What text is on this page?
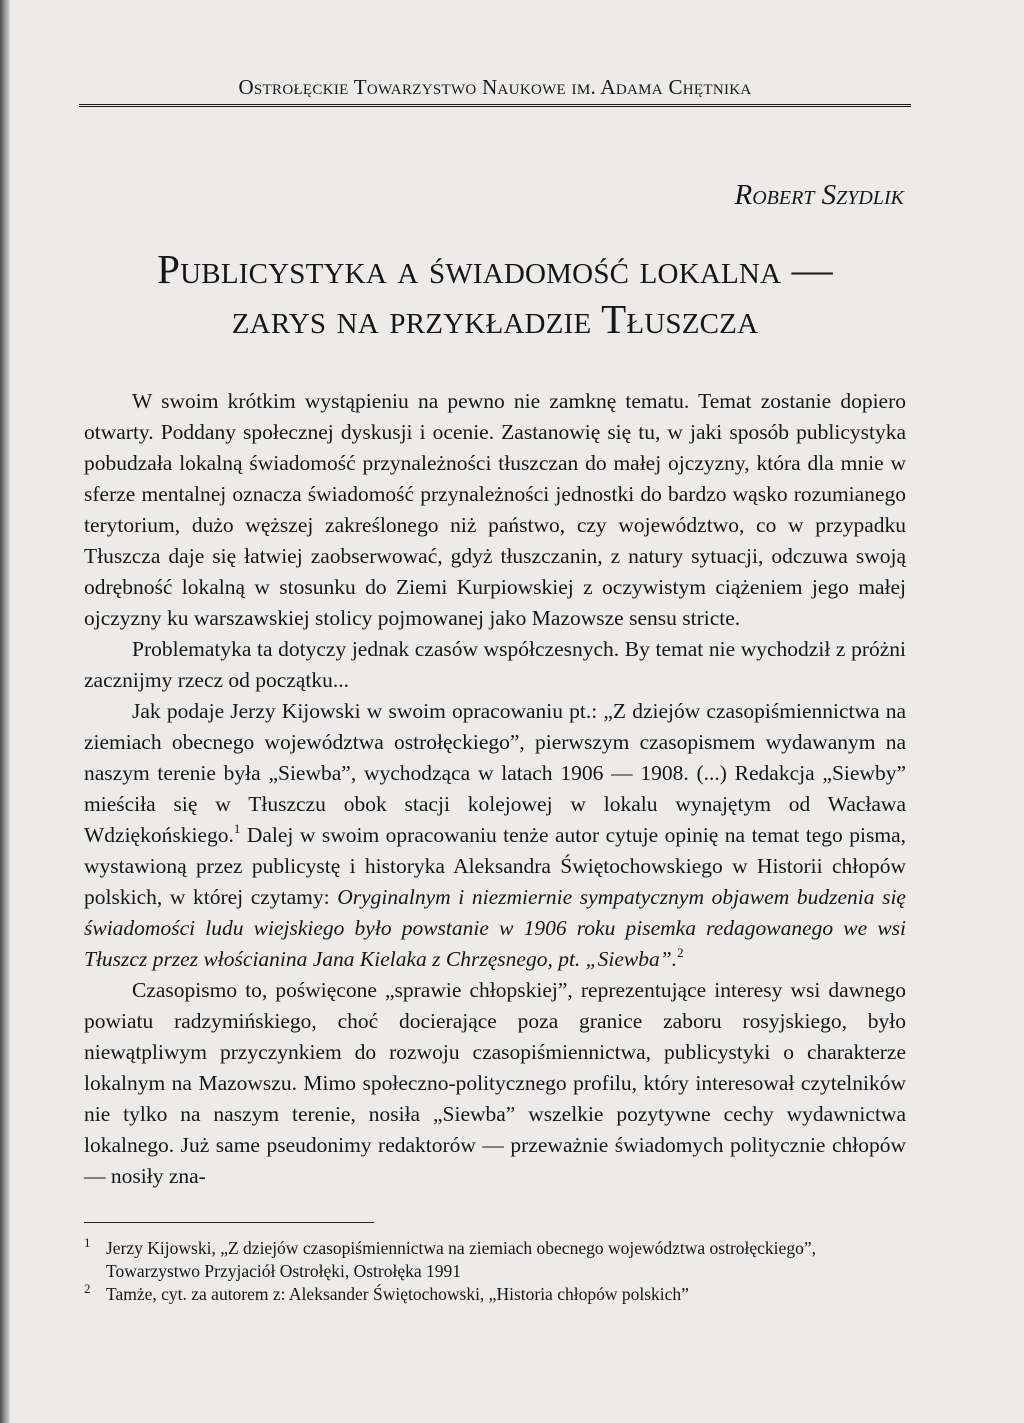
Ostrołęckie Towarzystwo Naukowe im. Adama Chętnika
Robert Szydlik
Publicystyka a świadomość lokalna —
zarys na przykładzie Tłuszcza

W swoim krótkim wystąpieniu na pewno nie zamknę tematu. Temat zostanie dopiero otwarty. Poddany społecznej dyskusji i ocenie. Zastanowię się tu, w jaki sposób publicystyka pobudzała lokalną świadomość przynależności tłuszczan do małej ojczyzny, która dla mnie w sferze mentalnej oznacza świadomość przynależności jednostki do bardzo wąsko rozumianego terytorium, dużo węższej zakreślonego niż państwo, czy województwo, co w przypadku Tłuszcza daje się łatwiej zaobserwować, gdyż tłuszczanin, z natury sytuacji, odczuwa swoją odrębność lokalną w stosunku do Ziemi Kurpiowskiej z oczywistym ciążeniem jego małej ojczyzny ku warszawskiej stolicy pojmowanej jako Mazowsze sensu stricte.

Problematyka ta dotyczy jednak czasów współczesnych. By temat nie wychodził z próżni zacznijmy rzecz od początku...

Jak podaje Jerzy Kijowski w swoim opracowaniu pt.: „Z dziejów czasopiśmiennictwa na ziemiach obecnego województwa ostrołęckiego”, pierwszym czasopismem wydawanym na naszym terenie była „Siewba”, wychodząca w latach 1906 — 1908. (...) Redakcja „Siewby” mieściła się w Tłuszczu obok stacji kolejowej w lokalu wynajętym od Wacława Wdziękońskiego.$^1$ Dalej w swoim opracowaniu tenże autor cytuje opinię na temat tego pisma, wystawioną przez publicystę i historyka Aleksandra Świętochowskiego w Historii chłopów polskich, w której czytamy: Oryginalnym i niezmiernie sympatycznym objawem budzenia się świadomości ludu wiejskiego było powstanie w 1906 roku pisemka redagowanego we wsi Tłuszcz przez włościanina Jana Kielaka z Chrzęsnego, pt. „Siewba”.$^2$

Czasopismo to, poświęcone „sprawie chłopskiej”, reprezentujące interesy wsi dawnego powiatu radzymińskiego, choć docierające poza granice zaboru rosyjskiego, było niewątpliwym przyczynkiem do rozwoju czasopiśmiennictwa, publicystyki o charakterze lokalnym na Mazowszu. Mimo społeczno-politycznego profilu, który interesował czytelników nie tylko na naszym terenie, nosiła „Siewba” wszelkie pozytywne cechy wydawnictwa lokalnego. Już same pseudonimy redaktorów — przeważnie świadomych politycznie chłopów — nosiły zna-

1 Jerzy Kijowski, „Z dziejów czasopiśmiennictwa na ziemiach obecnego województwa ostrołęckiego”, Towarzystwo Przyjaciół Ostrołęki, Ostrołęka 1991
2 Tamże, cyt. za autorem z: Aleksander Świętochowski, „Historia chłopów polskich”
